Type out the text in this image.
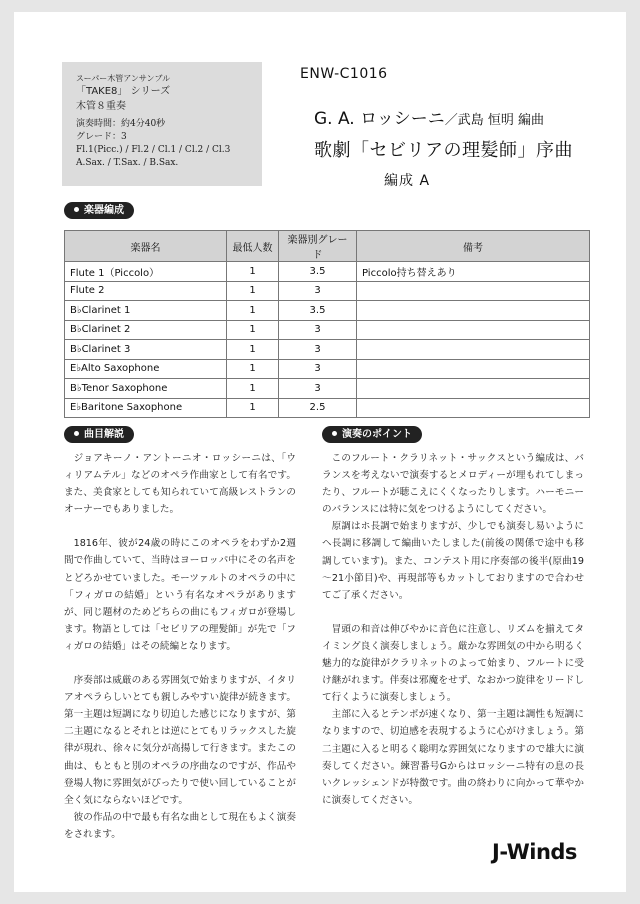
スーパー木管アンサンブル
「TAKE8」 シリーズ
木管８重奏
演奏時間：約4分40秒
グレード：3
Fl.1(Picc.) / Fl.2 / Cl.1 / Cl.2 / Cl.3
A.Sax. / T.Sax. / B.Sax.
ENW-C1016
G. A. ロッシーニ／武島 恒明 編曲
歌劇「セビリアの理髪師」序曲
編成 A
楽器編成
楽器名	最低人数	楽器別グレード	備考
Flute 1（Piccolo）	1	3.5	Piccolo持ち替えあり
Flute 2	1	3	
B♭Clarinet 1	1	3.5	
B♭Clarinet 2	1	3	
B♭Clarinet 3	1	3	
E♭Alto Saxophone	1	3	
B♭Tenor Saxophone	1	3	
E♭Baritone Saxophone	1	2.5	
曲目解説	演奏のポイント

ジョアキーノ・アントーニオ・ロッシーニは、「ウィリアムテル」などのオペラ作曲家として有名です。また、美食家としても知られていて高級レストランのオーナーでもありました。

1816年、彼が24歳の時にこのオペラをわずか2週間で作曲していて、当時はヨーロッパ中にその名声をとどろかせていました。モーツァルトのオペラの中に「フィガロの結婚」という有名なオペラがありますが、同じ題材のためどちらの曲にもフィガロが登場します。物語としては「セビリアの理髪師」が先で「フィガロの結婚」はその続編となります。

序奏部は威厳のある雰囲気で始まりますが、イタリアオペラらしいとても親しみやすい旋律が続きます。第一主題は短調になり切迫した感じになりますが、第二主題になるとそれとは逆にとてもリラックスした旋律が現れ、徐々に気分が高揚して行きます。またこの曲は、もともと別のオペラの序曲なのですが、作品や登場人物に雰囲気がぴったりで使い回していることが全く気にならないほどです。

彼の作品の中で最も有名な曲として現在もよく演奏をされます。

このフルート・クラリネット・サックスという編成は、バランスを考えないで演奏するとメロディーが埋もれてしまったり、フルートが聴こえにくくなったりします。ハーモニーのバランスには特に気をつけるようにしてください。

原調はホ長調で始まりますが、少しでも演奏し易いようにヘ長調に移調して編曲いたしました(前後の関係で途中も移調しています)。また、コンテスト用に序奏部の後半(原曲19～21小節目)や、再現部等もカットしておりますので合わせてご了承ください。

冒頭の和音は伸びやかに音色に注意し、リズムを揃えてタイミング良く演奏しましょう。厳かな雰囲気の中から明るく魅力的な旋律がクラリネットのよって始まり、フルートに受け継がれます。伴奏は邪魔をせず、なおかつ旋律をリードして行くように演奏しましょう。

主部に入るとテンポが速くなり、第一主題は調性も短調になりますので、切迫感を表現するように心がけましょう。第二主題に入ると明るく聡明な雰囲気になりますので雄大に演奏してください。練習番号Gからはロッシーニ特有の息の長いクレッシェンドが特徴です。曲の終わりに向かって華やかに演奏してください。

J-Winds
